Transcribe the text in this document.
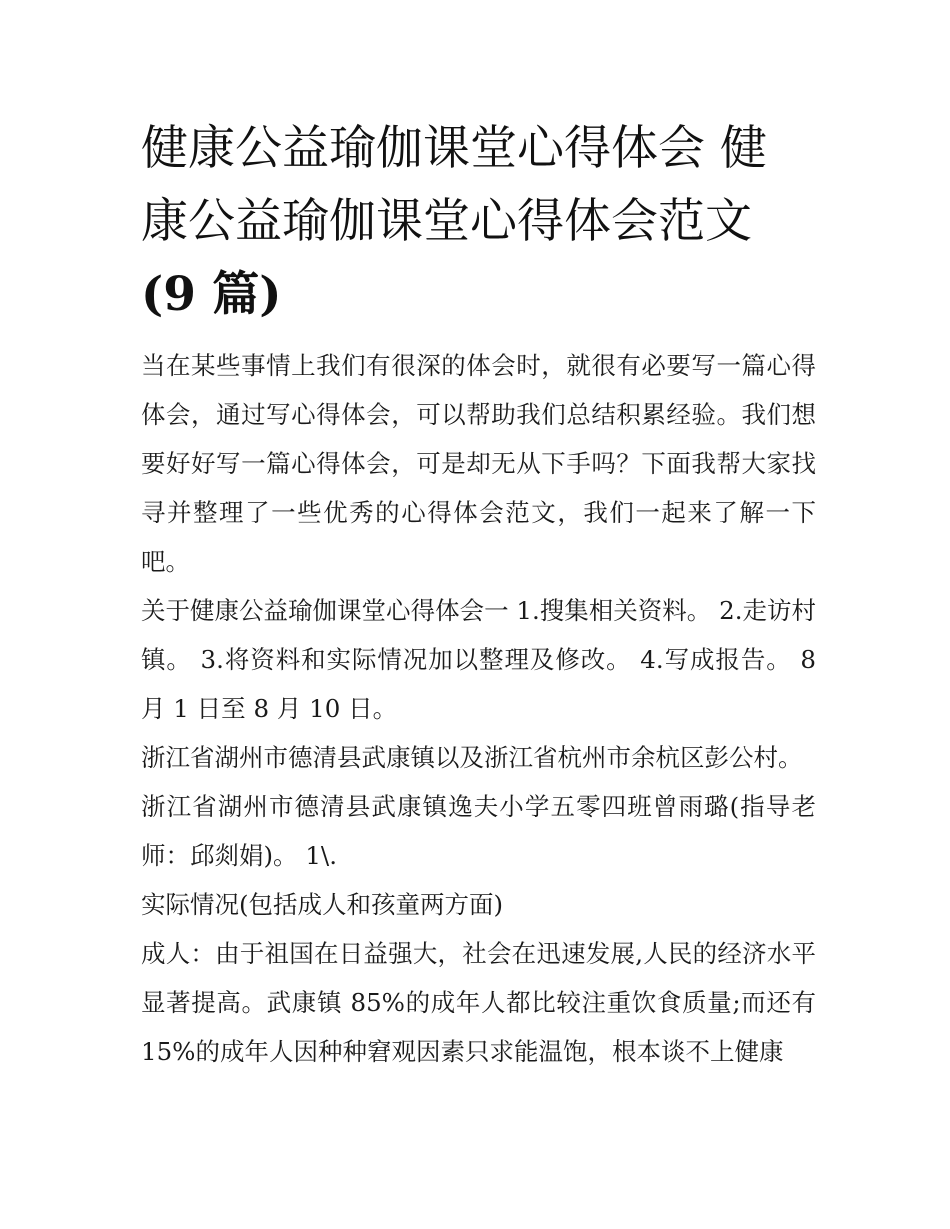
健康公益瑜伽课堂心得体会 健
康公益瑜伽课堂心得体会范文
(9 篇)

当在某些事情上我们有很深的体会时，就很有必要写一篇心得体会，通过写心得体会，可以帮助我们总结积累经验。我们想要好好写一篇心得体会，可是却无从下手吗？下面我帮大家找寻并整理了一些优秀的心得体会范文，我们一起来了解一下吧。

关于健康公益瑜伽课堂心得体会一 1.搜集相关资料。 2.走访村镇。 3.将资料和实际情况加以整理及修改。 4.写成报告。 8 月 1 日至 8 月 10 日。

浙江省湖州市德清县武康镇以及浙江省杭州市余杭区彭公村。

浙江省湖州市德清县武康镇逸夫小学五零四班曾雨璐(指导老师：邱剡娟)。 1\.

实际情况(包括成人和孩童两方面)

成人：由于祖国在日益强大，社会在迅速发展,人民的经济水平显著提高。武康镇 85%的成年人都比较注重饮食质量;而还有 15%的成年人因种种窘观因素只求能温饱，根本谈不上健康
